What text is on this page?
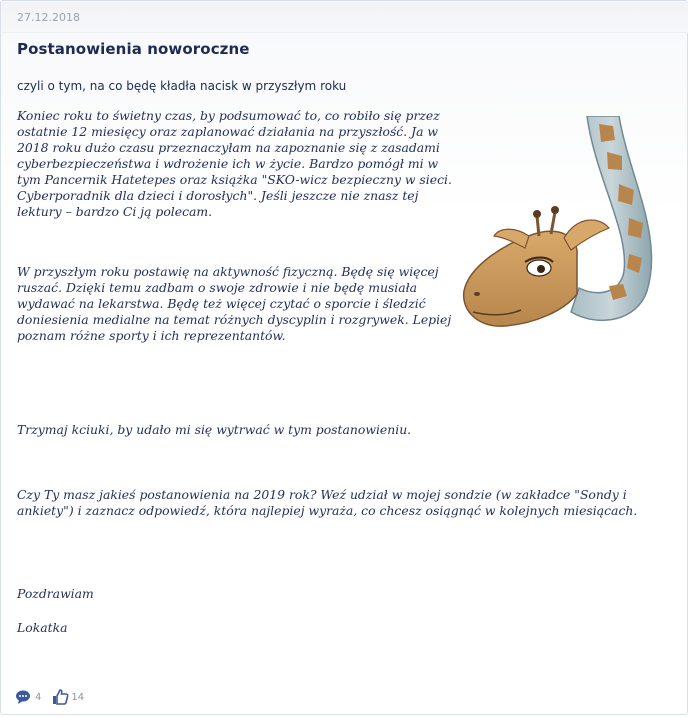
27.12.2018
Postanowienia noworoczne
czyli o tym, na co będę kładła nacisk w przyszłym roku
Koniec roku to świetny czas, by podsumować to, co robiło się przez ostatnie 12 miesięcy oraz zaplanować działania na przyszłość. Ja w 2018 roku dużo czasu przeznaczyłam na zapoznanie się z zasadami cyberbezpieczeństwa i wdrożenie ich w życie. Bardzo pomógł mi w tym Pancernik Hatetepes oraz książka "SKO-wicz bezpieczny w sieci. Cyberporadnik dla dzieci i dorosłych". Jeśli jeszcze nie znasz tej lektury – bardzo Ci ją polecam.
W przyszłym roku postawię na aktywność fizyczną. Będę się więcej ruszać. Dzięki temu zadbam o swoje zdrowie i nie będę musiała wydawać na lekarstwa. Będę też więcej czytać o sporcie i śledzić doniesienia medialne na temat różnych dyscyplin i rozgrywek. Lepiej poznam różne sporty i ich reprezentantów.
Trzymaj kciuki, by udało mi się wytrwać w tym postanowieniu.
Czy Ty masz jakieś postanowienia na 2019 rok? Weź udział w mojej sondzie (w zakładce "Sondy i ankiety") i zaznacz odpowiedź, która najlepiej wyraża, co chcesz osiągnąć w kolejnych miesiącach.
Pozdrawiam
Lokatka
4	14
